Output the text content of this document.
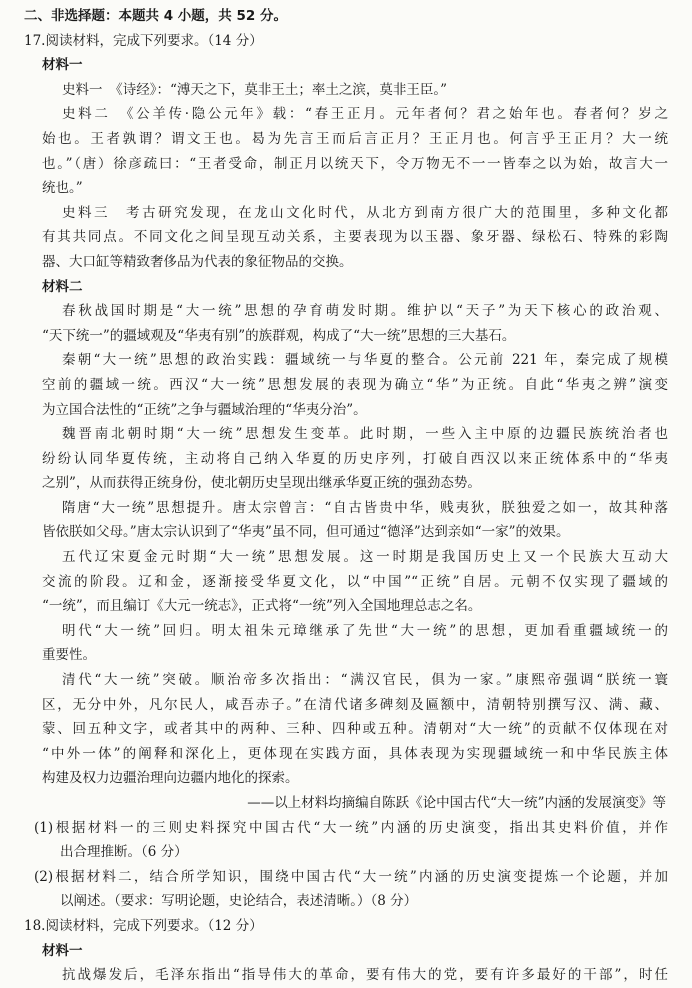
二、非选择题：本题共 4 小题，共 52 分。
17.阅读材料，完成下列要求。（14 分）
材料一
史料一　《诗经》：“溥天之下，莫非王土；率土之滨，莫非王臣。”
史料二　《公羊传·隐公元年》载：“春王正月。元年者何？君之始年也。春者何？岁之
始也。王者孰谓？谓文王也。曷为先言王而后言正月？王正月也。何言乎王正月？大一统
也。”（唐）徐彦疏曰：“王者受命，制正月以统天下，令万物无不一一皆奉之以为始，故言大一
统也。”
史料三　考古研究发现，在龙山文化时代，从北方到南方很广大的范围里，多种文化都
有其共同点。不同文化之间呈现互动关系，主要表现为以玉器、象牙器、绿松石、特殊的彩陶
器、大口缸等精致奢侈品为代表的象征物品的交换。
材料二
春秋战国时期是“大一统”思想的孕育萌发时期。维护以“天子”为天下核心的政治观、
“天下统一”的疆域观及“华夷有别”的族群观，构成了“大一统”思想的三大基石。
秦朝“大一统”思想的政治实践：疆域统一与华夏的整合。公元前 221 年，秦完成了规模
空前的疆域一统。西汉“大一统”思想发展的表现为确立“华”为正统。自此“华夷之辨”演变
为立国合法性的“正统”之争与疆域治理的“华夷分治”。
魏晋南北朝时期“大一统”思想发生变革。此时期，一些入主中原的边疆民族统治者也
纷纷认同华夏传统，主动将自己纳入华夏的历史序列，打破自西汉以来正统体系中的“华夷
之别”，从而获得正统身份，使北朝历史呈现出继承华夏正统的强劲态势。
隋唐“大一统”思想提升。唐太宗曾言：“自古皆贵中华，贱夷狄，朕独爱之如一，故其种落
皆依朕如父母。”唐太宗认识到了“华夷”虽不同，但可通过“德泽”达到亲如“一家”的效果。
五代辽宋夏金元时期“大一统”思想发展。这一时期是我国历史上又一个民族大互动大
交流的阶段。辽和金，逐渐接受华夏文化，以“中国”“正统”自居。元朝不仅实现了疆域的
“一统”，而且编订《大元一统志》，正式将“一统”列入全国地理总志之名。
明代“大一统”回归。明太祖朱元璋继承了先世“大一统”的思想，更加看重疆域统一的
重要性。
清代“大一统”突破。顺治帝多次指出：“满汉官民，俱为一家。”康熙帝强调“朕统一寰
区，无分中外，凡尔民人，咸吾赤子。”在清代诸多碑刻及匾额中，清朝特别撰写汉、满、藏、
蒙、回五种文字，或者其中的两种、三种、四种或五种。清朝对“大一统”的贡献不仅体现在对
“中外一体”的阐释和深化上，更体现在实践方面，具体表现为实现疆域统一和中华民族主体
构建及权力边疆治理向边疆内地化的探索。
——以上材料均摘编自陈跃《论中国古代“大一统”内涵的发展演变》等
(1)根据材料一的三则史料探究中国古代“大一统”内涵的历史演变，指出其史料价值，并作
出合理推断。（6 分）
(2)根据材料二，结合所学知识，围绕中国古代“大一统”内涵的历史演变提炼一个论题，并加
以阐述。（要求：写明论题，史论结合，表述清晰。）（8 分）
18.阅读材料，完成下列要求。（12 分）
材料一
抗战爆发后，毛泽东指出“指导伟大的革命，要有伟大的党，要有许多最好的干部”，时任
